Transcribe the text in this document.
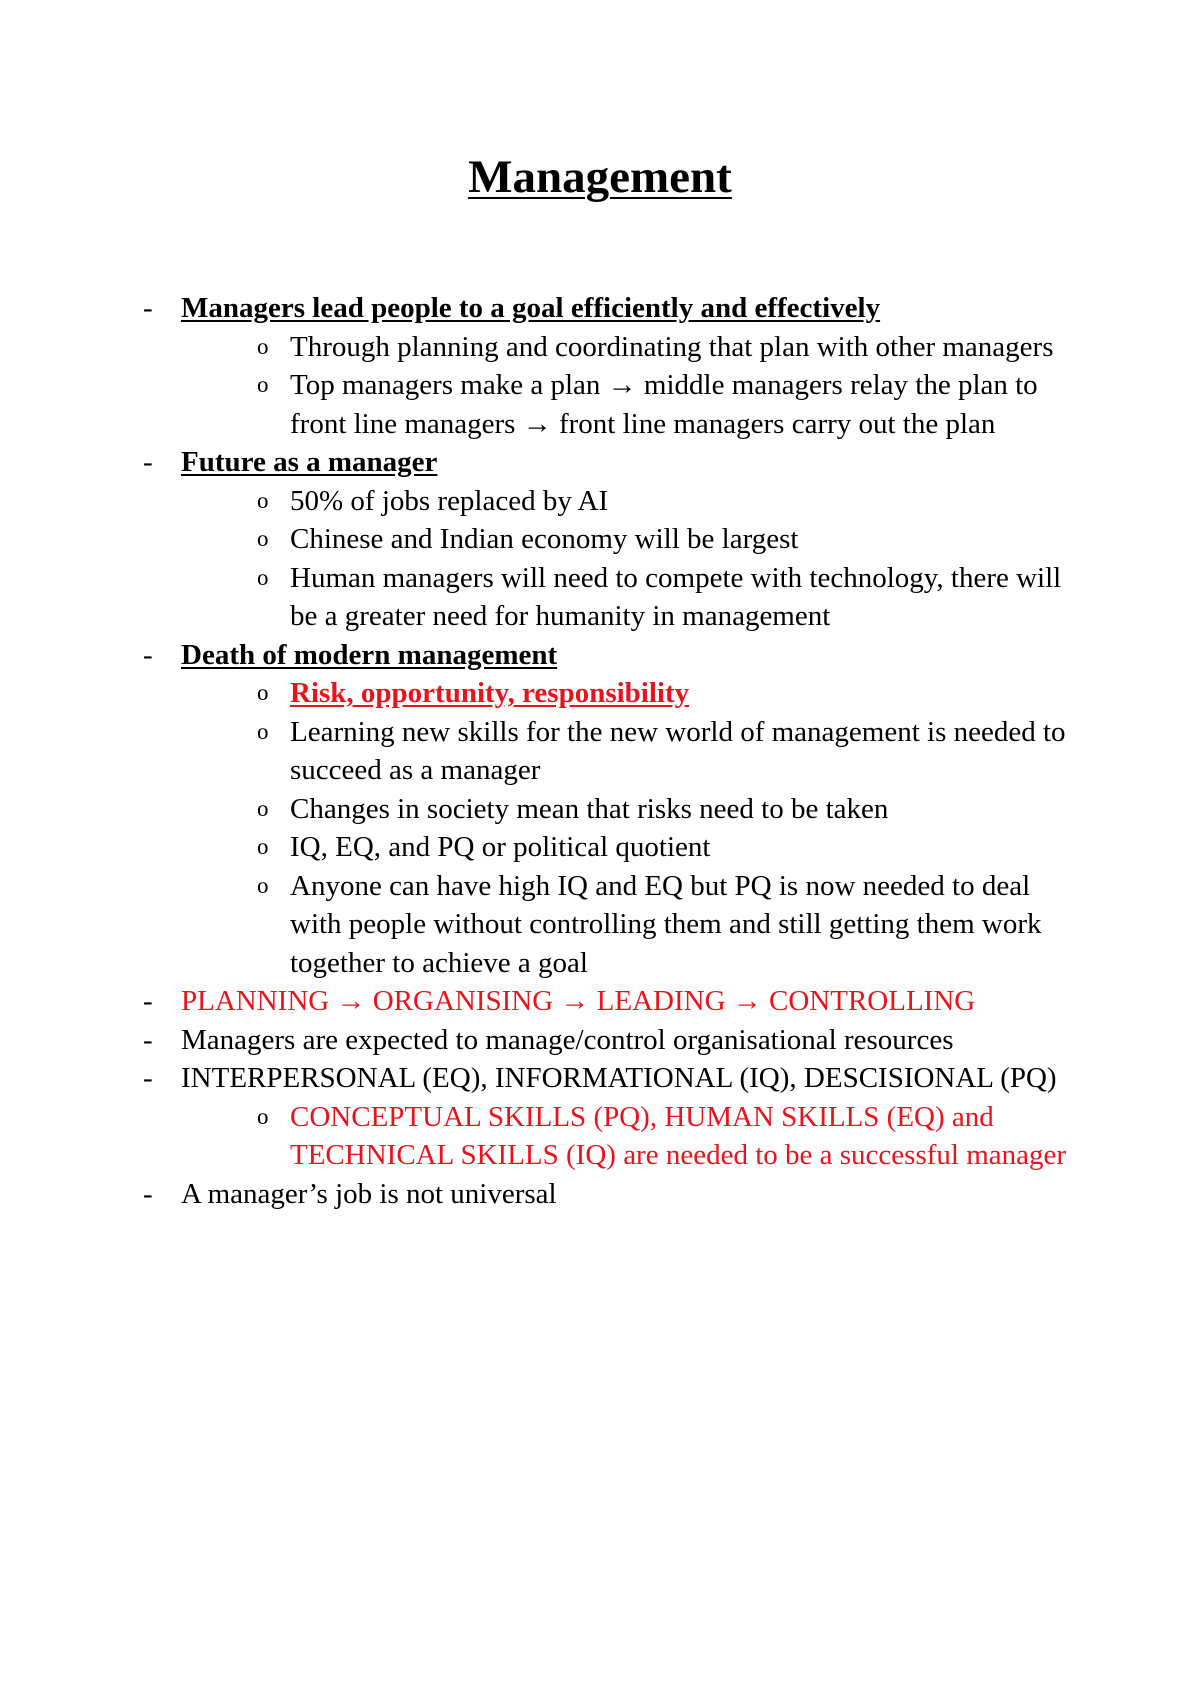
Management
- Managers lead people to a goal efficiently and effectively
o Through planning and coordinating that plan with other managers
o Top managers make a plan → middle managers relay the plan to front line managers → front line managers carry out the plan
- Future as a manager
o 50% of jobs replaced by AI
o Chinese and Indian economy will be largest
o Human managers will need to compete with technology, there will be a greater need for humanity in management
- Death of modern management
o Risk, opportunity, responsibility
o Learning new skills for the new world of management is needed to succeed as a manager
o Changes in society mean that risks need to be taken
o IQ, EQ, and PQ or political quotient
o Anyone can have high IQ and EQ but PQ is now needed to deal with people without controlling them and still getting them work together to achieve a goal
- PLANNING → ORGANISING → LEADING → CONTROLLING
- Managers are expected to manage/control organisational resources
- INTERPERSONAL (EQ), INFORMATIONAL (IQ), DESCISIONAL (PQ)
o CONCEPTUAL SKILLS (PQ), HUMAN SKILLS (EQ) and TECHNICAL SKILLS (IQ) are needed to be a successful manager
- A manager’s job is not universal
